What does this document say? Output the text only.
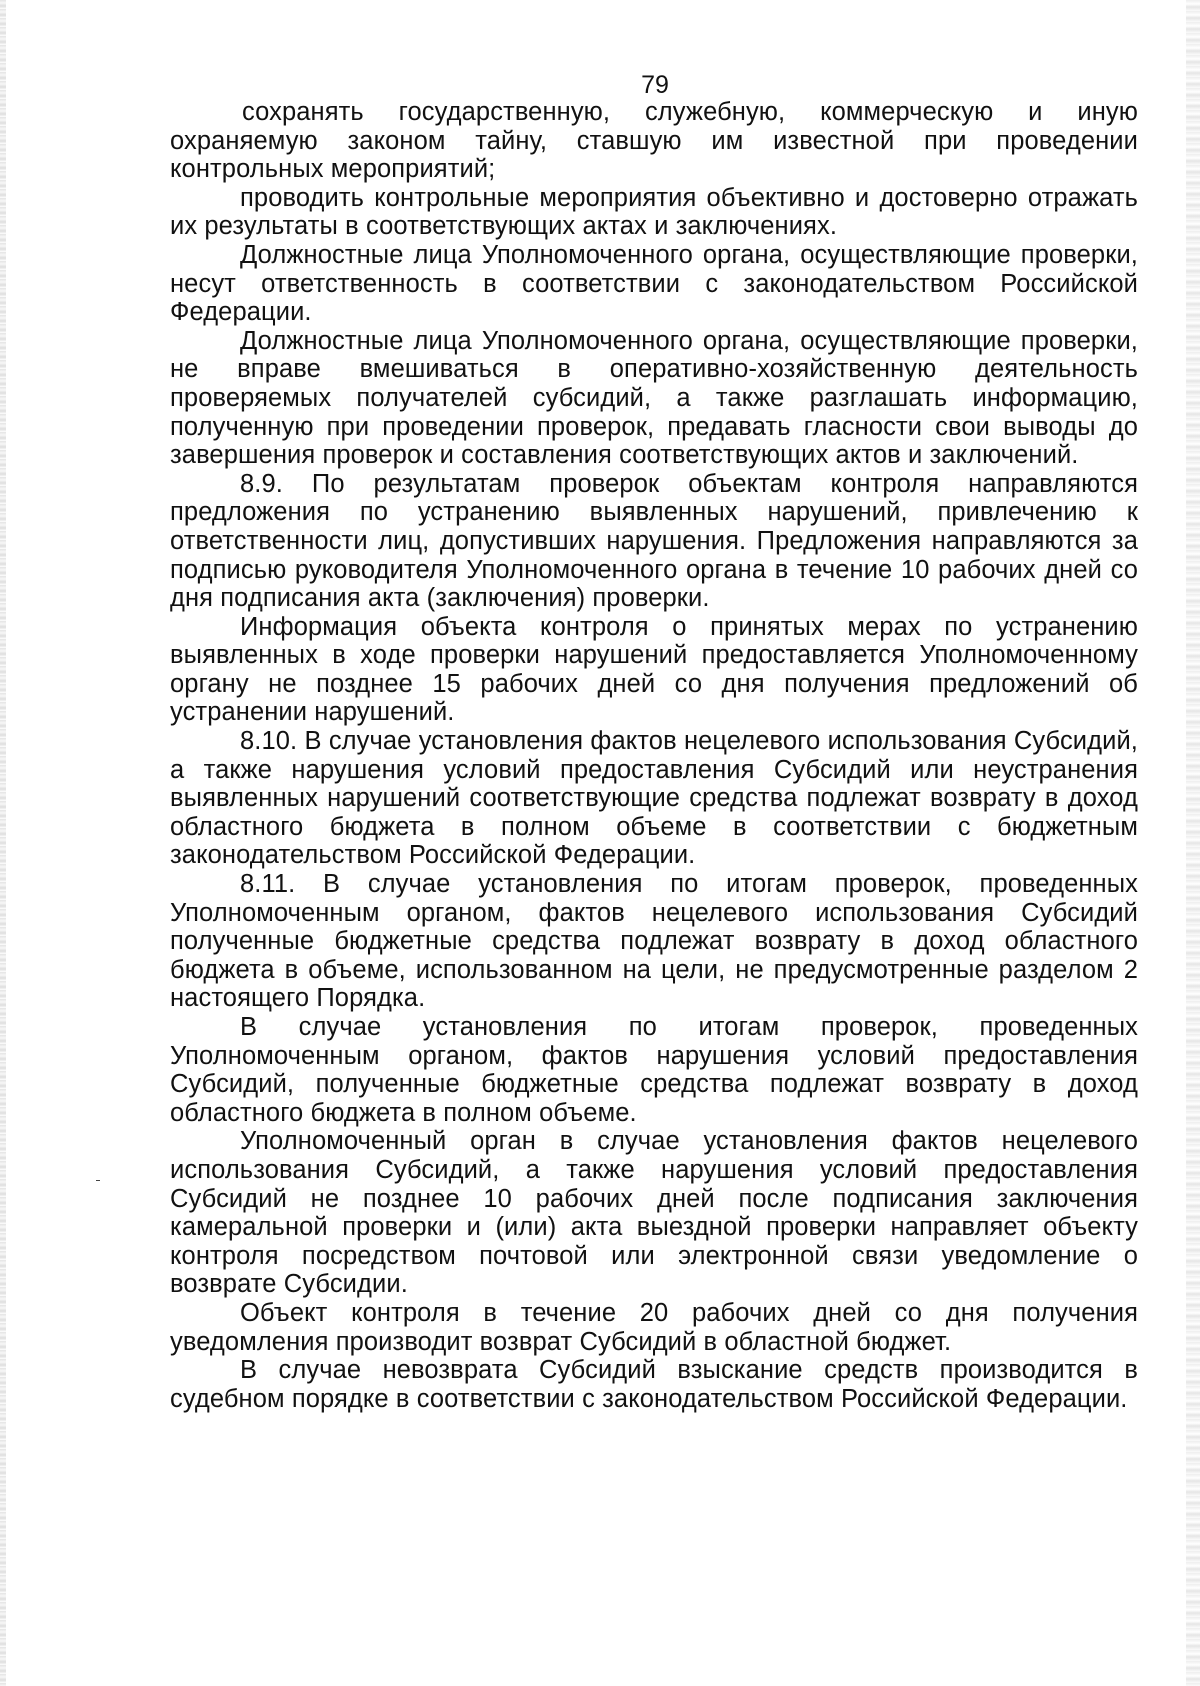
79

сохранять государственную, служебную, коммерческую и иную охраняемую законом тайну, ставшую им известной при проведении контрольных мероприятий;

проводить контрольные мероприятия объективно и достоверно отражать их результаты в соответствующих актах и заключениях.

Должностные лица Уполномоченного органа, осуществляющие проверки, несут ответственность в соответствии с законодательством Российской Федерации.

Должностные лица Уполномоченного органа, осуществляющие проверки, не вправе вмешиваться в оперативно-хозяйственную деятельность проверяемых получателей субсидий, а также разглашать информацию, полученную при проведении проверок, предавать гласности свои выводы до завершения проверок и составления соответствующих актов и заключений.

8.9. По результатам проверок объектам контроля направляются предложения по устранению выявленных нарушений, привлечению к ответственности лиц, допустивших нарушения. Предложения направляются за подписью руководителя Уполномоченного органа в течение 10 рабочих дней со дня подписания акта (заключения) проверки.

Информация объекта контроля о принятых мерах по устранению выявленных в ходе проверки нарушений предоставляется Уполномоченному органу не позднее 15 рабочих дней со дня получения предложений об устранении нарушений.

8.10. В случае установления фактов нецелевого использования Субсидий, а также нарушения условий предоставления Субсидий или неустранения выявленных нарушений соответствующие средства подлежат возврату в доход областного бюджета в полном объеме в соответствии с бюджетным законодательством Российской Федерации.

8.11. В случае установления по итогам проверок, проведенных Уполномоченным органом, фактов нецелевого использования Субсидий полученные бюджетные средства подлежат возврату в доход областного бюджета в объеме, использованном на цели, не предусмотренные разделом 2 настоящего Порядка.

В случае установления по итогам проверок, проведенных Уполномоченным органом, фактов нарушения условий предоставления Субсидий, полученные бюджетные средства подлежат возврату в доход областного бюджета в полном объеме.

Уполномоченный орган в случае установления фактов нецелевого использования Субсидий, а также нарушения условий предоставления Субсидий не позднее 10 рабочих дней после подписания заключения камеральной проверки и (или) акта выездной проверки направляет объекту контроля посредством почтовой или электронной связи уведомление о возврате Субсидии.

Объект контроля в течение 20 рабочих дней со дня получения уведомления производит возврат Субсидий в областной бюджет.

В случае невозврата Субсидий взыскание средств производится в судебном порядке в соответствии с законодательством Российской Федерации.
